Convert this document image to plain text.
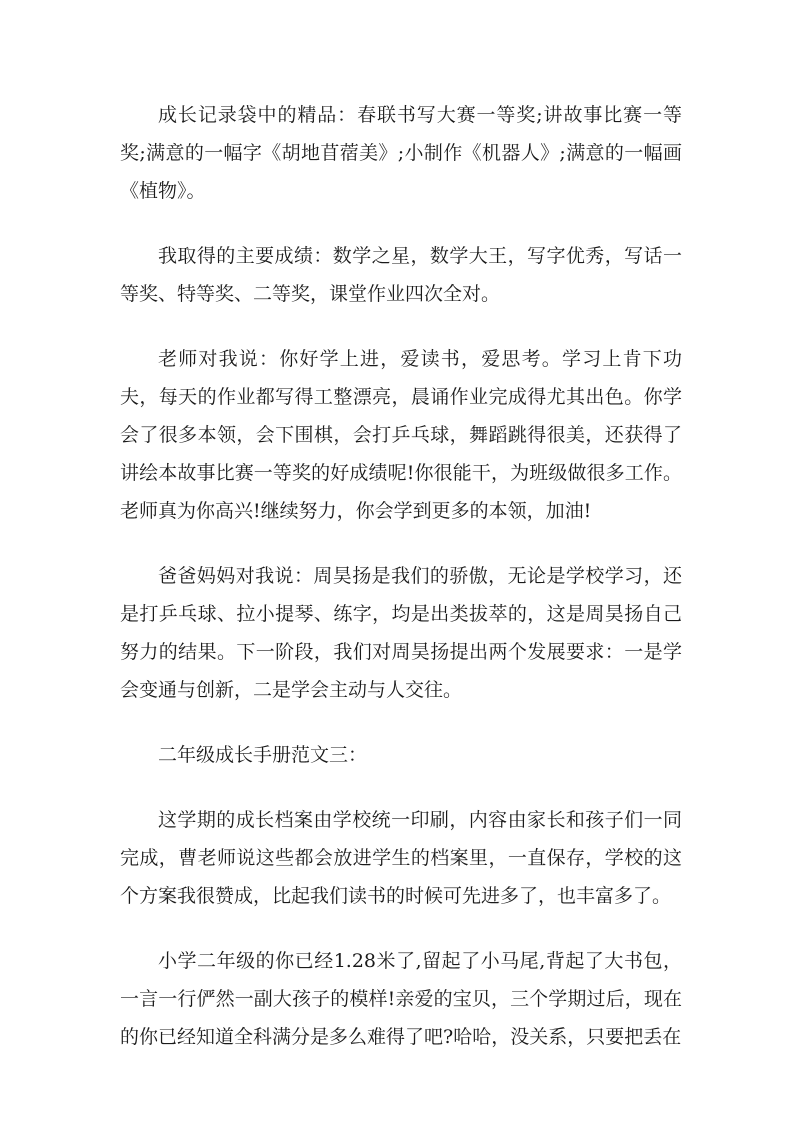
成长记录袋中的精品：春联书写大赛一等奖;讲故事比赛一等奖;满意的一幅字《胡地苜蓿美》;小制作《机器人》;满意的一幅画《植物》。

我取得的主要成绩：数学之星，数学大王，写字优秀，写话一等奖、特等奖、二等奖，课堂作业四次全对。

老师对我说：你好学上进，爱读书，爱思考。学习上肯下功夫，每天的作业都写得工整漂亮，晨诵作业完成得尤其出色。你学会了很多本领，会下围棋，会打乒乓球，舞蹈跳得很美，还获得了讲绘本故事比赛一等奖的好成绩呢!你很能干，为班级做很多工作。老师真为你高兴!继续努力，你会学到更多的本领，加油!

爸爸妈妈对我说：周昊扬是我们的骄傲，无论是学校学习，还是打乒乓球、拉小提琴、练字，均是出类拔萃的，这是周昊扬自己努力的结果。下一阶段，我们对周昊扬提出两个发展要求：一是学会变通与创新，二是学会主动与人交往。

二年级成长手册范文三：

这学期的成长档案由学校统一印刷，内容由家长和孩子们一同完成，曹老师说这些都会放进学生的档案里，一直保存，学校的这个方案我很赞成，比起我们读书的时候可先进多了，也丰富多了。

小学二年级的你已经1.28米了,留起了小马尾,背起了大书包，一言一行俨然一副大孩子的模样!亲爱的宝贝，三个学期过后，现在的你已经知道全科满分是多么难得了吧?哈哈，没关系，只要把丢在
